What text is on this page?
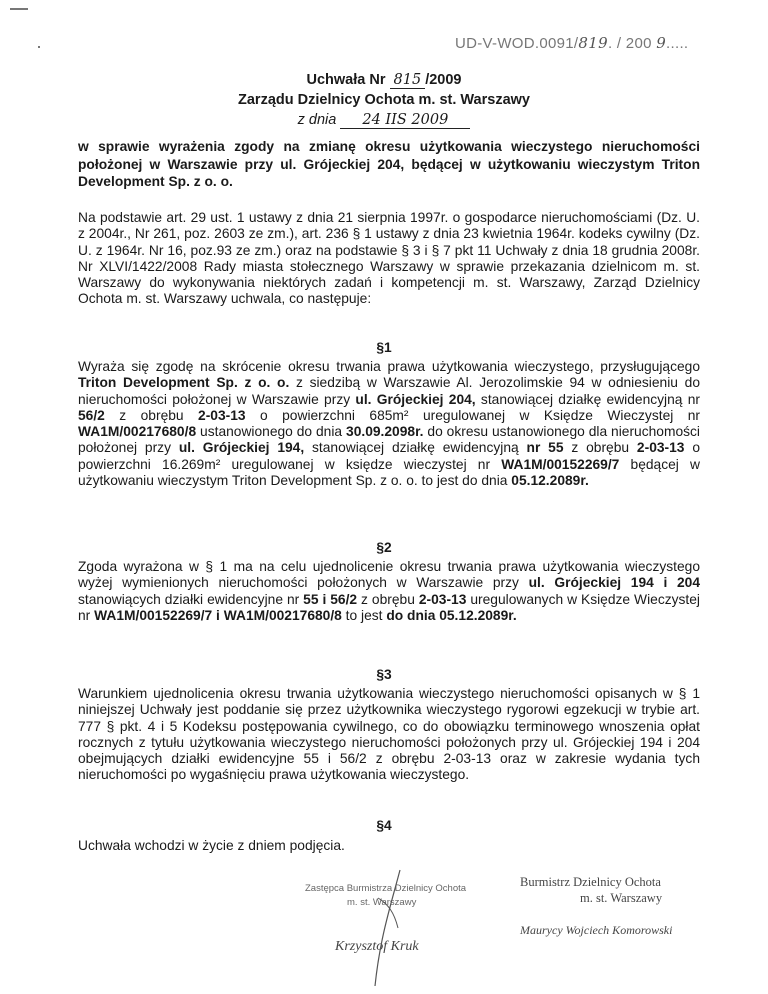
UD-V-WOD.0091/819. / 200 9.....
Uchwała Nr 815 /2009
Zarządu Dzielnicy Ochota m. st. Warszawy
z dnia 24 IIS 2009
w sprawie wyrażenia zgody na zmianę okresu użytkowania wieczystego nieruchomości położonej w Warszawie przy ul. Grójeckiej 204, będącej w użytkowaniu wieczystym Triton Development Sp. z o. o.
Na podstawie art. 29 ust. 1 ustawy z dnia 21 sierpnia 1997r. o gospodarce nieruchomościami (Dz. U. z 2004r., Nr 261, poz. 2603 ze zm.), art. 236 § 1 ustawy z dnia 23 kwietnia 1964r. kodeks cywilny (Dz. U. z 1964r. Nr 16, poz.93 ze zm.) oraz na podstawie § 3 i § 7 pkt 11 Uchwały z dnia 18 grudnia 2008r. Nr XLVI/1422/2008 Rady miasta stołecznego Warszawy w sprawie przekazania dzielnicom m. st. Warszawy do wykonywania niektórych zadań i kompetencji m. st. Warszawy, Zarząd Dzielnicy Ochota m. st. Warszawy uchwala, co następuje:
§1
Wyraża się zgodę na skrócenie okresu trwania prawa użytkowania wieczystego, przysługującego Triton Development Sp. z o. o. z siedzibą w Warszawie Al. Jerozolimskie 94 w odniesieniu do nieruchomości położonej w Warszawie przy ul. Grójeckiej 204, stanowiącej działkę ewidencyjną nr 56/2 z obrębu 2-03-13 o powierzchni 685m² uregulowanej w Księdze Wieczystej nr WA1M/00217680/8 ustanowionego do dnia 30.09.2098r. do okresu ustanowionego dla nieruchomości położonej przy ul. Grójeckiej 194, stanowiącej działkę ewidencyjną nr 55 z obrębu 2-03-13 o powierzchni 16.269m² uregulowanej w księdze wieczystej nr WA1M/00152269/7 będącej w użytkowaniu wieczystym Triton Development Sp. z o. o. to jest do dnia 05.12.2089r.
§2
Zgoda wyrażona w § 1 ma na celu ujednolicenie okresu trwania prawa użytkowania wieczystego wyżej wymienionych nieruchomości położonych w Warszawie przy ul. Grójeckiej 194 i 204 stanowiących działki ewidencyjne nr 55 i 56/2 z obrębu 2-03-13 uregulowanych w Księdze Wieczystej nr WA1M/00152269/7 i WA1M/00217680/8 to jest do dnia 05.12.2089r.
§3
Warunkiem ujednolicenia okresu trwania użytkowania wieczystego nieruchomości opisanych w § 1 niniejszej Uchwały jest poddanie się przez użytkownika wieczystego rygorowi egzekucji w trybie art. 777 § pkt. 4 i 5 Kodeksu postępowania cywilnego, co do obowiązku terminowego wnoszenia opłat rocznych z tytułu użytkowania wieczystego nieruchomości położonych przy ul. Grójeckiej 194 i 204 obejmujących działki ewidencyjne 55 i 56/2 z obrębu 2-03-13 oraz w zakresie wydania tych nieruchomości po wygaśnięciu prawa użytkowania wieczystego.
§4
Uchwała wchodzi w życie z dniem podjęcia.
Zastępca Burmistrza Dzielnicy Ochota
m. st. Warszawy
Krzysztof Kruk
Burmistrz Dzielnicy Ochota
m. st. Warszawy
Maurycy Wojciech Komorowski
